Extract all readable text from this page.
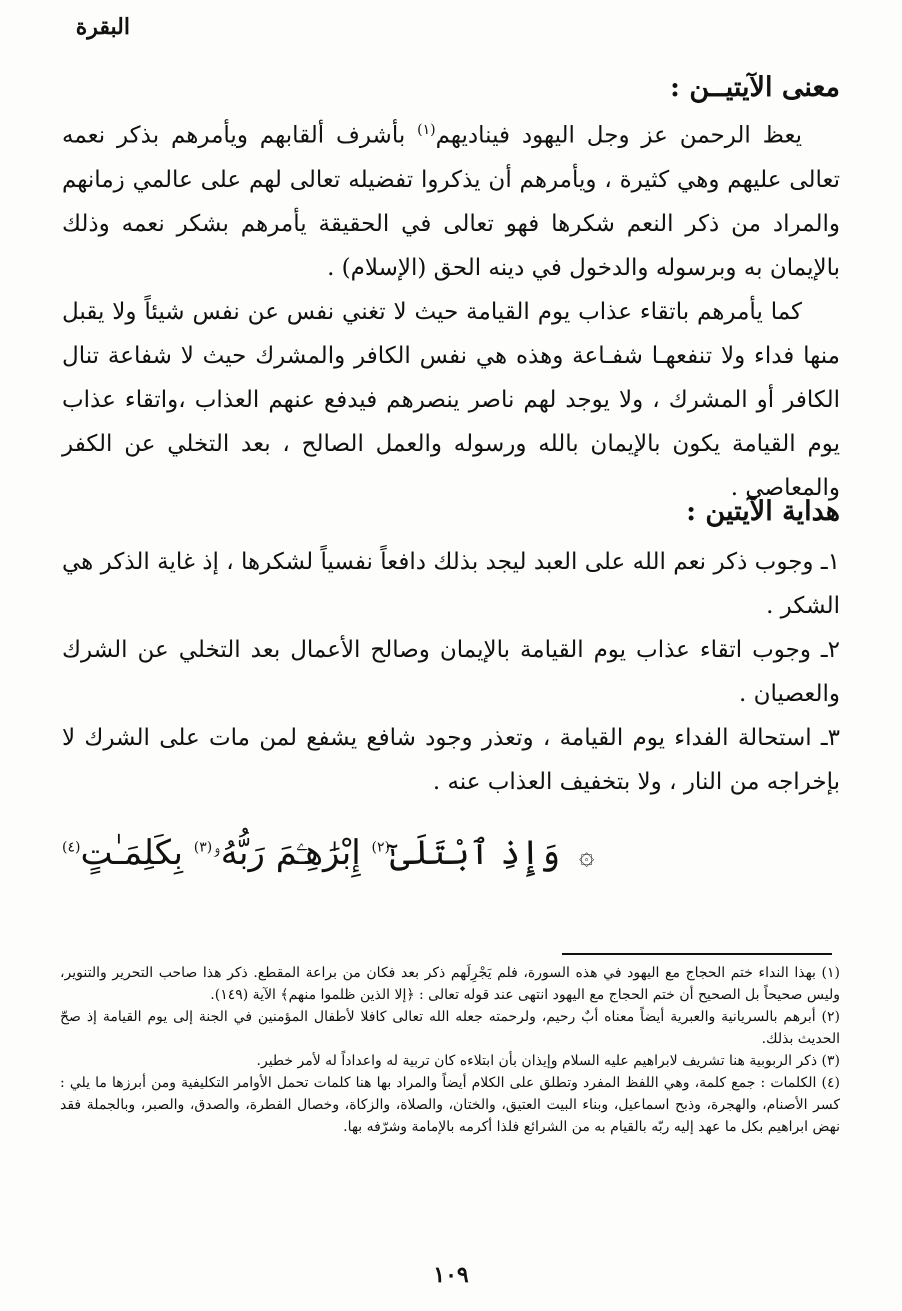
البقرة
معنى الآيتيــن :

يعظ الرحمن عز وجل اليهود فيناديهم$^{(١)}$ بأشرف ألقابهم ويأمرهم بذكر نعمه تعالى عليهم وهي كثيرة ، ويأمرهم أن يذكروا تفضيله تعالى لهم على عالمي زمانهم والمراد من ذكر النعم شكرها فهو تعالى في الحقيقة يأمرهم بشكر نعمه وذلك بالإيمان به وبرسوله والدخول في دينه الحق (الإسلام) .

كما يأمرهم باتقاء عذاب يوم القيامة حيث لا تغني نفس عن نفس شيئاً ولا يقبل منها فداء ولا تنفعهـا شفـاعة وهذه هي نفس الكافر والمشرك حيث لا شفاعة تنال الكافر أو المشرك ، ولا يوجد لهم ناصر ينصرهم فيدفع عنهم العذاب ،واتقاء عذاب يوم القيامة يكون بالإيمان بالله ورسوله والعمل الصالح ، بعد التخلي عن الكفر والمعاصي .

هداية الآيتين :

١ـ وجوب ذكر نعم الله على العبد ليجد بذلك دافعاً نفسياً لشكرها ، إذ غاية الذكر هي الشكر .

٢ـ وجوب اتقاء عذاب يوم القيامة بالإيمان وصالح الأعمال بعد التخلي عن الشرك والعصيان .

٣ـ استحالة الفداء يوم القيامة ، وتعذر وجود شافع يشفع لمن مات على الشرك لا بإخراجه من النار ، ولا بتخفيف العذاب عنه .

۞ وَإِذِ ٱبْتَلَىٰٓ$^{(٢)}$ إِبْرَٰهِـۧمَ رَبُّهُۥ$^{(٣)}$ بِكَلِمَـٰتٍ$^{(٤)}$

(١) بهذا النداء ختم الحجاج مع اليهود في هذه السورة، فلم يَجْرِلَهم ذكر بعد فكان من براعة المقطع. ذكر هذا صاحب التحرير والتنوير، وليس صحيحاً بل الصحيح أن ختم الحجاج مع اليهود انتهى عند قوله تعالى : ﴿إلا الذين ظلموا منهم﴾ الآية (١٤٩).

(٢) أبرهم بالسريانية والعبرية أيضاً معناه أبٌ رحيم، ولرحمته جعله الله تعالى كافلا لأطفال المؤمنين في الجنة إلى يوم القيامة إذ صحّ الحديث بذلك.

(٣) ذكر الربوبية هنا تشريف لابراهيم عليه السلام وإيذان بأن ابتلاءه كان تربية له واعداداً له لأمر خطير.

(٤) الكلمات : جمع كلمة، وهي اللفظ المفرد وتطلق على الكلام أيضاً والمراد بها هنا كلمات تحمل الأوامر التكليفية ومن أبرزها ما يلي : كسر الأصنام، والهجرة، وذبح اسماعيل، وبناء البيت العتيق، والختان، والصلاة، والزكاة، وخصال الفطرة، والصدق، والصبر، وبالجملة فقد نهض ابراهيم بكل ما عهد إليه ربّه بالقيام به من الشرائع فلذا أكرمه بالإمامة وشرّفه بها.

١٠٩
